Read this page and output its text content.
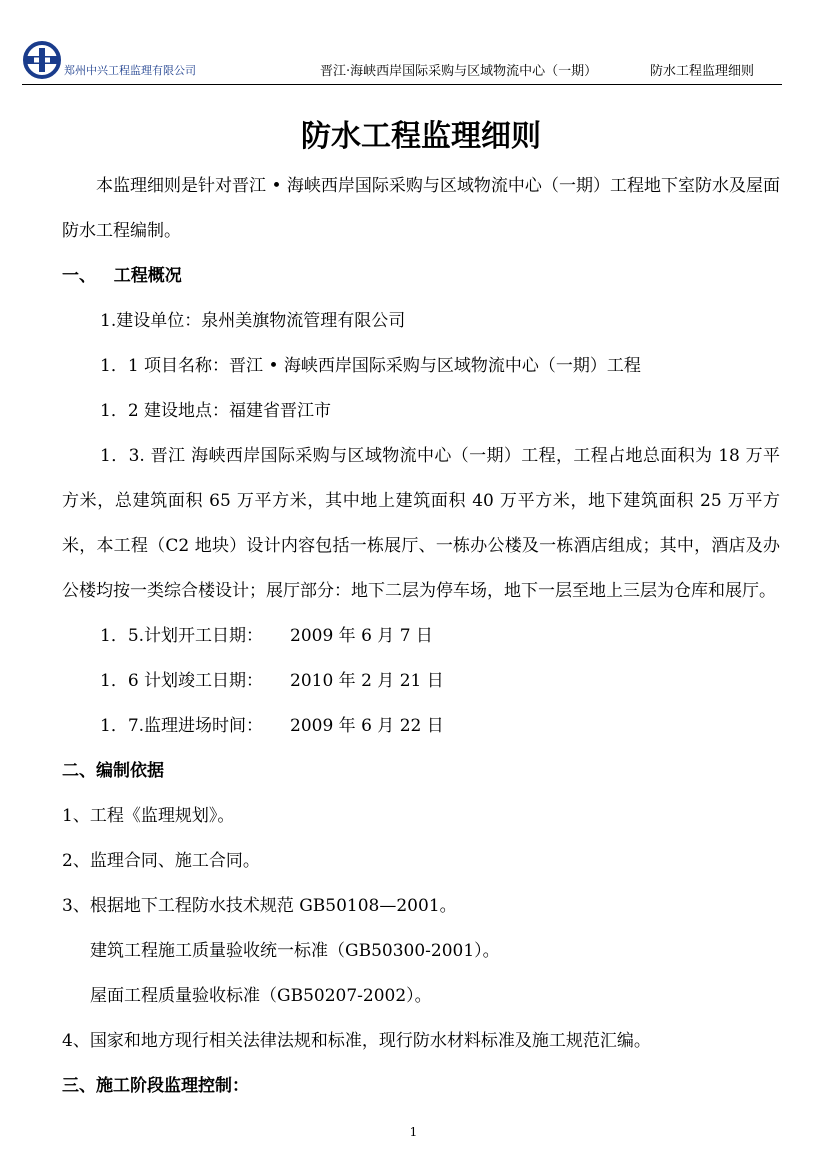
郑州中兴工程监理有限公司	晋江·海峡西岸国际采购与区域物流中心（一期）	防水工程监理细则
防水工程监理细则

本监理细则是针对晋江 • 海峡西岸国际采购与区域物流中心（一期）工程地下室防水及屋面防水工程编制。

一、   工程概况

1.建设单位：泉州美旗物流管理有限公司

1．1 项目名称：晋江 • 海峡西岸国际采购与区域物流中心（一期）工程

1．2 建设地点：福建省晋江市

1．3. 晋江 海峡西岸国际采购与区域物流中心（一期）工程，工程占地总面积为 18 万平方米，总建筑面积 65 万平方米，其中地上建筑面积 40 万平方米，地下建筑面积 25 万平方米，本工程（C2 地块）设计内容包括一栋展厅、一栋办公楼及一栋酒店组成；其中，酒店及办公楼均按一类综合楼设计；展厅部分：地下二层为停车场，地下一层至地上三层为仓库和展厅。

1．5.计划开工日期： 2009 年 6 月 7 日

1．6 计划竣工日期： 2010 年 2 月 21 日

1．7.监理进场时间： 2009 年 6 月 22 日

二、编制依据

1、工程《监理规划》。

2、监理合同、施工合同。

3、根据地下工程防水技术规范 GB50108—2001。

建筑工程施工质量验收统一标准（GB50300-2001）。

屋面工程质量验收标准（GB50207-2002）。

4、国家和地方现行相关法律法规和标准，现行防水材料标准及施工规范汇编。

三、施工阶段监理控制：

1
